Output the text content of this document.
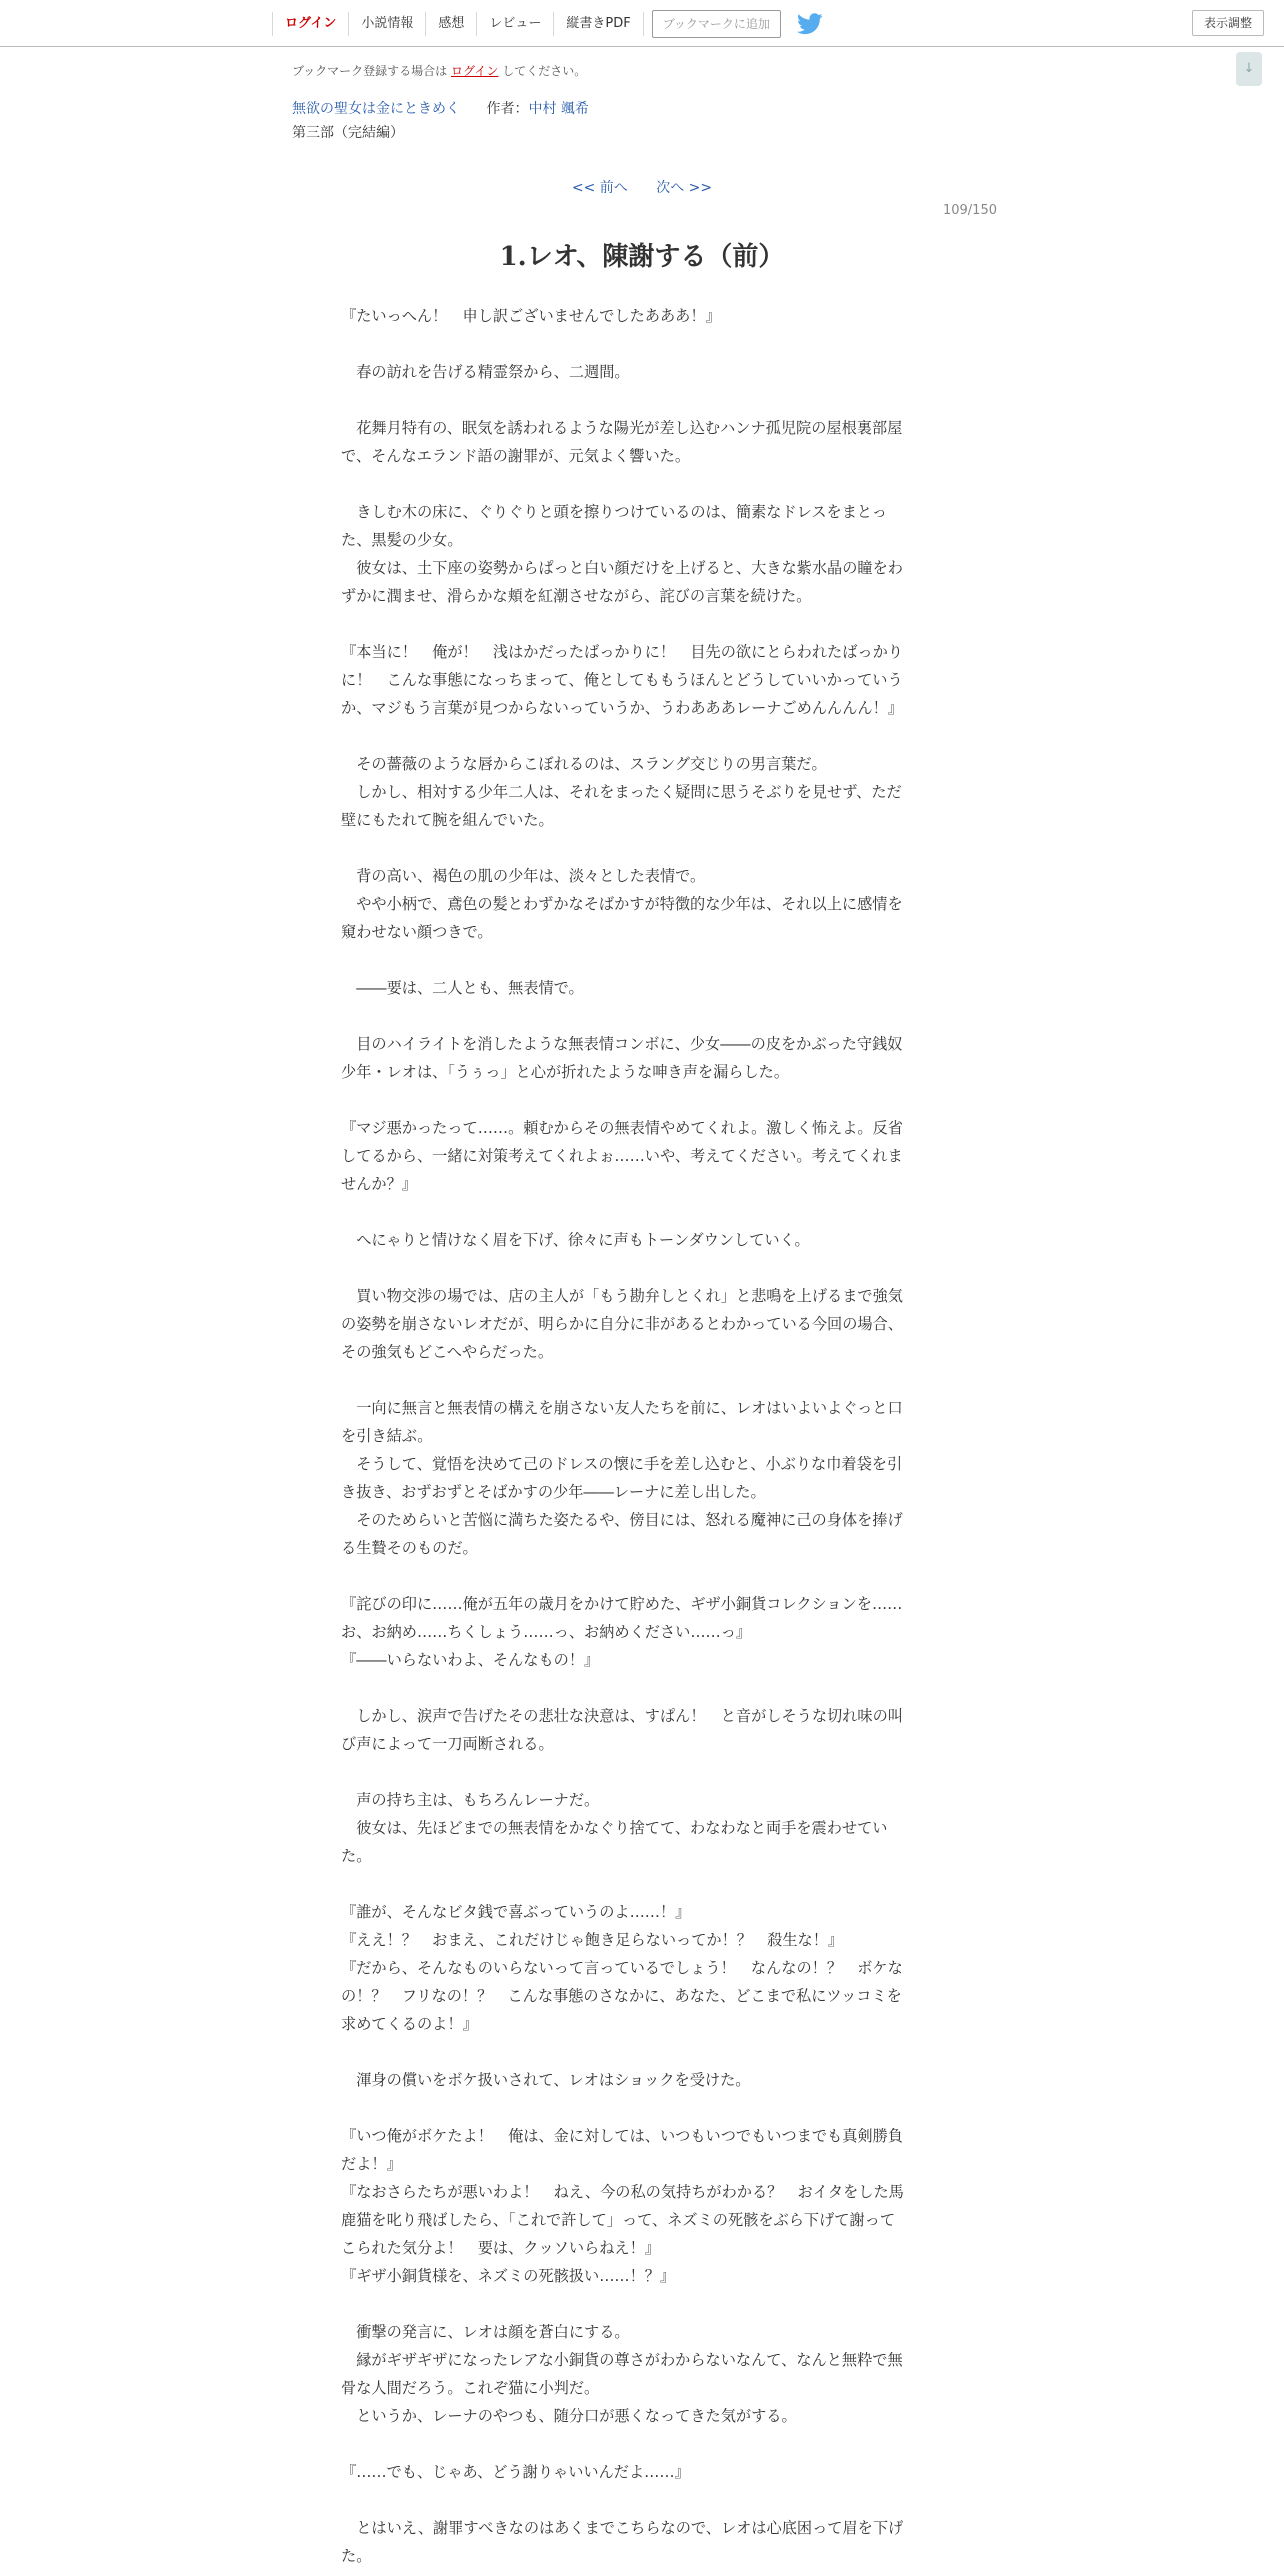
ログイン	小説情報	感想	レビュー	縦書きPDF	ブックマークに追加	表示調整
↓
ブックマーク登録する場合は ログイン してください。
無欲の聖女は金にときめく 作者：中村 颯希
第三部（完結編）
<< 前へ 次へ >>
109/150
1.レオ、陳謝する（前）

『たいっへん！　申し訳ございませんでしたあああ！』

　春の訪れを告げる精霊祭から、二週間。

　花舞月特有の、眠気を誘われるような陽光が差し込むハンナ孤児院の屋根裏部屋

で、そんなエランド語の謝罪が、元気よく響いた。

　きしむ木の床に、ぐりぐりと頭を擦りつけているのは、簡素なドレスをまとっ

た、黒髪の少女。

　彼女は、土下座の姿勢からぱっと白い顔だけを上げると、大きな紫水晶の瞳をわ

ずかに潤ませ、滑らかな頬を紅潮させながら、詫びの言葉を続けた。

『本当に！　俺が！　浅はかだったばっかりに！　目先の欲にとらわれたばっかり

に！　こんな事態になっちまって、俺としてももうほんとどうしていいかっていう

か、マジもう言葉が見つからないっていうか、うわあああレーナごめんんんん！』

　その薔薇のような唇からこぼれるのは、スラング交じりの男言葉だ。

　しかし、相対する少年二人は、それをまったく疑問に思うそぶりを見せず、ただ

壁にもたれて腕を組んでいた。

　背の高い、褐色の肌の少年は、淡々とした表情で。

　やや小柄で、鳶色の髪とわずかなそばかすが特徴的な少年は、それ以上に感情を

窺わせない顔つきで。

　――要は、二人とも、無表情で。

　目のハイライトを消したような無表情コンボに、少女――の皮をかぶった守銭奴

少年・レオは、「うぅっ」と心が折れたような呻き声を漏らした。

『マジ悪かったって……。頼むからその無表情やめてくれよ。激しく怖えよ。反省

してるから、一緒に対策考えてくれよぉ……いや、考えてください。考えてくれま

せんか？』

　へにゃりと情けなく眉を下げ、徐々に声もトーンダウンしていく。

　買い物交渉の場では、店の主人が「もう勘弁しとくれ」と悲鳴を上げるまで強気

の姿勢を崩さないレオだが、明らかに自分に非があるとわかっている今回の場合、

その強気もどこへやらだった。

　一向に無言と無表情の構えを崩さない友人たちを前に、レオはいよいよぐっと口

を引き結ぶ。

　そうして、覚悟を決めて己のドレスの懐に手を差し込むと、小ぶりな巾着袋を引

き抜き、おずおずとそばかすの少年――レーナに差し出した。

　そのためらいと苦悩に満ちた姿たるや、傍目には、怒れる魔神に己の身体を捧げ

る生贄そのものだ。

『詫びの印に……俺が五年の歳月をかけて貯めた、ギザ小銅貨コレクションを……

お、お納め……ちくしょう……っ、お納めください……っ』

『――いらないわよ、そんなもの！』

　しかし、涙声で告げたその悲壮な決意は、すぱん！　と音がしそうな切れ味の叫

び声によって一刀両断される。

　声の持ち主は、もちろんレーナだ。

　彼女は、先ほどまでの無表情をかなぐり捨てて、わなわなと両手を震わせてい

た。

『誰が、そんなビタ銭で喜ぶっていうのよ……！』

『ええ！？　おまえ、これだけじゃ飽き足らないってか！？　殺生な！』

『だから、そんなものいらないって言っているでしょう！　なんなの！？　ボケな

の！？　フリなの！？　こんな事態のさなかに、あなた、どこまで私にツッコミを

求めてくるのよ！』

　渾身の償いをボケ扱いされて、レオはショックを受けた。

『いつ俺がボケたよ！　俺は、金に対しては、いつもいつでもいつまでも真剣勝負

だよ！』

『なおさらたちが悪いわよ！　ねえ、今の私の気持ちがわかる？　おイタをした馬

鹿猫を叱り飛ばしたら、「これで許して」って、ネズミの死骸をぶら下げて謝って

こられた気分よ！　要は、クッソいらねえ！』

『ギザ小銅貨様を、ネズミの死骸扱い……！？』

　衝撃の発言に、レオは顔を蒼白にする。

　縁がギザギザになったレアな小銅貨の尊さがわからないなんて、なんと無粋で無

骨な人間だろう。これぞ猫に小判だ。

　というか、レーナのやつも、随分口が悪くなってきた気がする。

『……でも、じゃあ、どう謝りゃいいんだよ……』

　とはいえ、謝罪すべきなのはあくまでこちらなので、レオは心底困って眉を下げ

た。
